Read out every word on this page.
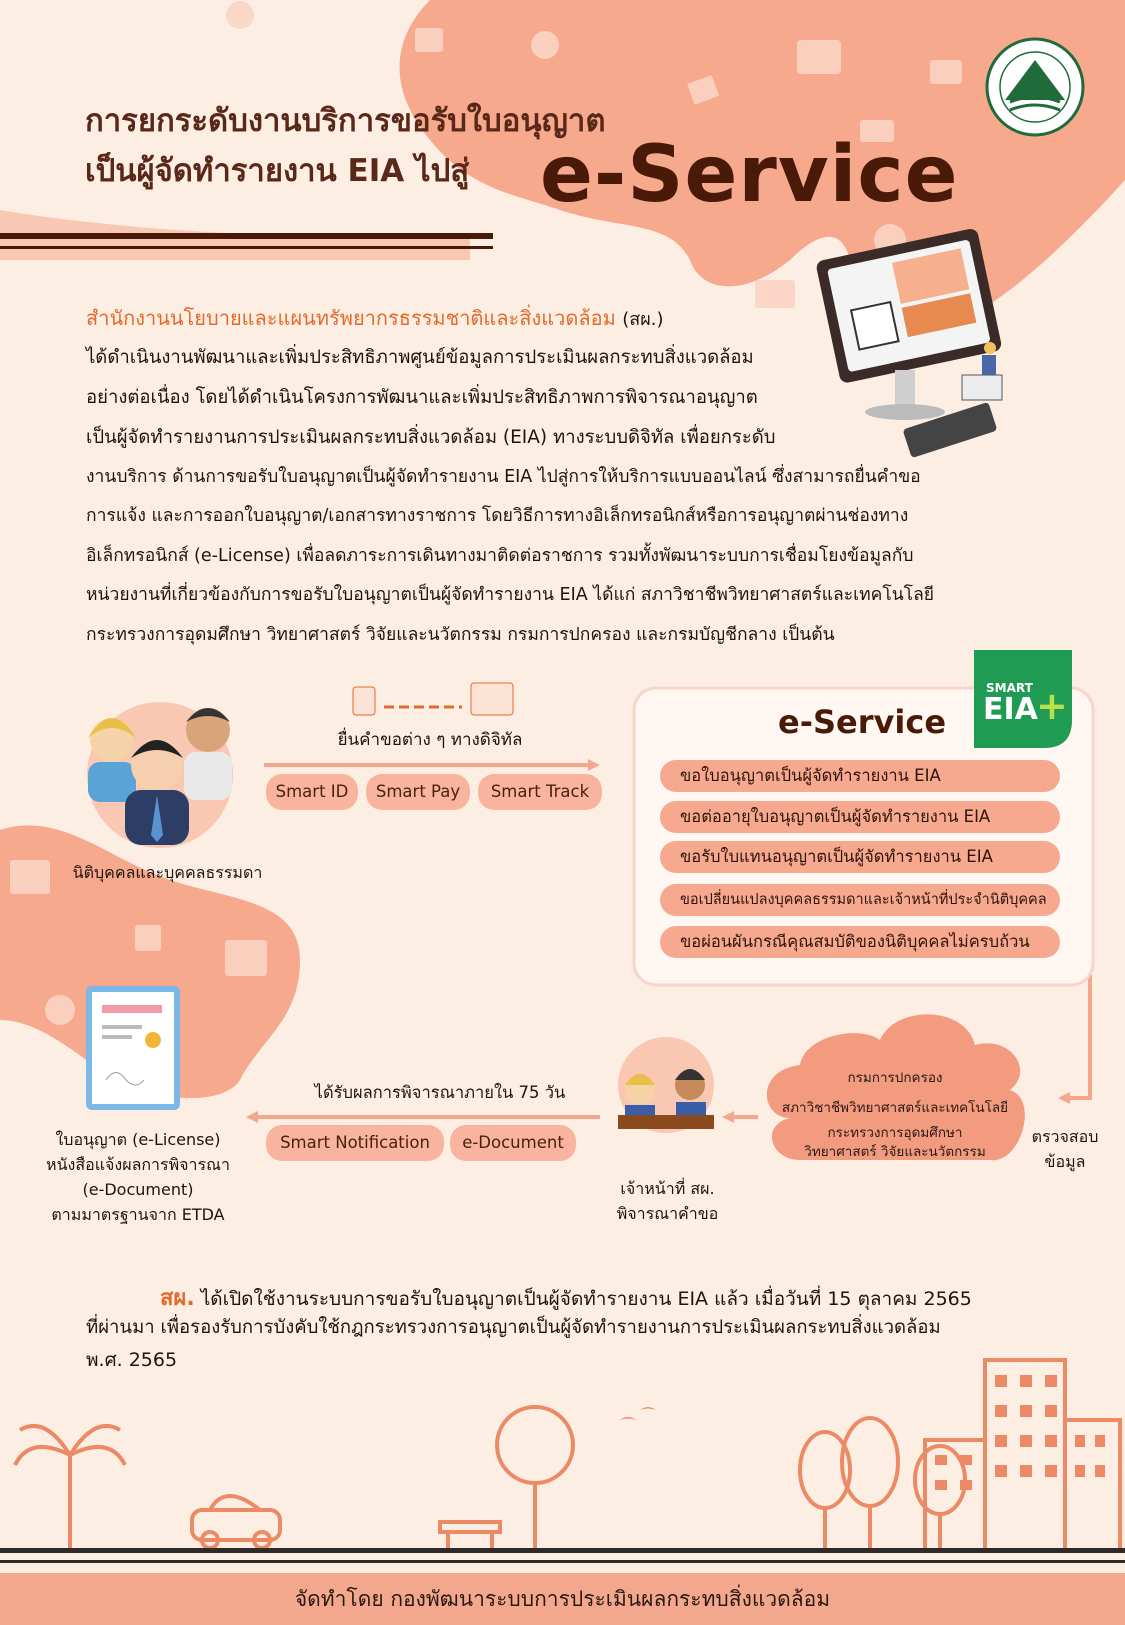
การยกระดับงานบริการขอรับใบอนุญาต
เป็นผู้จัดทำรายงาน EIA ไปสู่ e-Service
สำนักงานนโยบายและแผนทรัพยากรธรรมชาติและสิ่งแวดล้อม (สผ.)
ได้ดำเนินงานพัฒนาและเพิ่มประสิทธิภาพศูนย์ข้อมูลการประเมินผลกระทบสิ่งแวดล้อม
อย่างต่อเนื่อง โดยได้ดำเนินโครงการพัฒนาและเพิ่มประสิทธิภาพการพิจารณาอนุญาต
เป็นผู้จัดทำรายงานการประเมินผลกระทบสิ่งแวดล้อม (EIA) ทางระบบดิจิทัล เพื่อยกระดับ
งานบริการ ด้านการขอรับใบอนุญาตเป็นผู้จัดทำรายงาน EIA ไปสู่การให้บริการแบบออนไลน์ ซึ่งสามารถยื่นคำขอ
การแจ้ง และการออกใบอนุญาต/เอกสารทางราชการ โดยวิธีการทางอิเล็กทรอนิกส์หรือการอนุญาตผ่านช่องทาง
อิเล็กทรอนิกส์ (e-License) เพื่อลดภาระการเดินทางมาติดต่อราชการ รวมทั้งพัฒนาระบบการเชื่อมโยงข้อมูลกับ
หน่วยงานที่เกี่ยวข้องกับการขอรับใบอนุญาตเป็นผู้จัดทำรายงาน EIA ได้แก่ สภาวิชาชีพวิทยาศาสตร์และเทคโนโลยี
กระทรวงการอุดมศึกษา วิทยาศาสตร์ วิจัยและนวัตกรรม กรมการปกครอง และกรมบัญชีกลาง เป็นต้น
นิติบุคคลและบุคคลธรรมดา
ยื่นคำขอต่าง ๆ ทางดิจิทัล
Smart ID	Smart Pay	Smart Track
e-Service
SMART
EIA
+
ขอใบอนุญาตเป็นผู้จัดทำรายงาน EIA
ขอต่ออายุใบอนุญาตเป็นผู้จัดทำรายงาน EIA
ขอรับใบแทนอนุญาตเป็นผู้จัดทำรายงาน EIA
ขอเปลี่ยนแปลงบุคคลธรรมดาและเจ้าหน้าที่ประจำนิติบุคคล
ขอผ่อนผันกรณีคุณสมบัติของนิติบุคคลไม่ครบถ้วน
ตรวจสอบ
ข้อมูล
กรมการปกครอง
สภาวิชาชีพวิทยาศาสตร์และเทคโนโลยี
กระทรวงการอุดมศึกษา
วิทยาศาสตร์ วิจัยและนวัตกรรม
เจ้าหน้าที่ สผ.
พิจารณาคำขอ
ได้รับผลการพิจารณาภายใน 75 วัน
Smart Notification	e-Document
ใบอนุญาต (e-License)
หนังสือแจ้งผลการพิจารณา
(e-Document)
ตามมาตรฐานจาก ETDA
สผ. ได้เปิดใช้งานระบบการขอรับใบอนุญาตเป็นผู้จัดทำรายงาน EIA แล้ว เมื่อวันที่ 15 ตุลาคม 2565
ที่ผ่านมา เพื่อรองรับการบังคับใช้กฎกระทรวงการอนุญาตเป็นผู้จัดทำรายงานการประเมินผลกระทบสิ่งแวดล้อม
พ.ศ. 2565
จัดทำโดย กองพัฒนาระบบการประเมินผลกระทบสิ่งแวดล้อม
